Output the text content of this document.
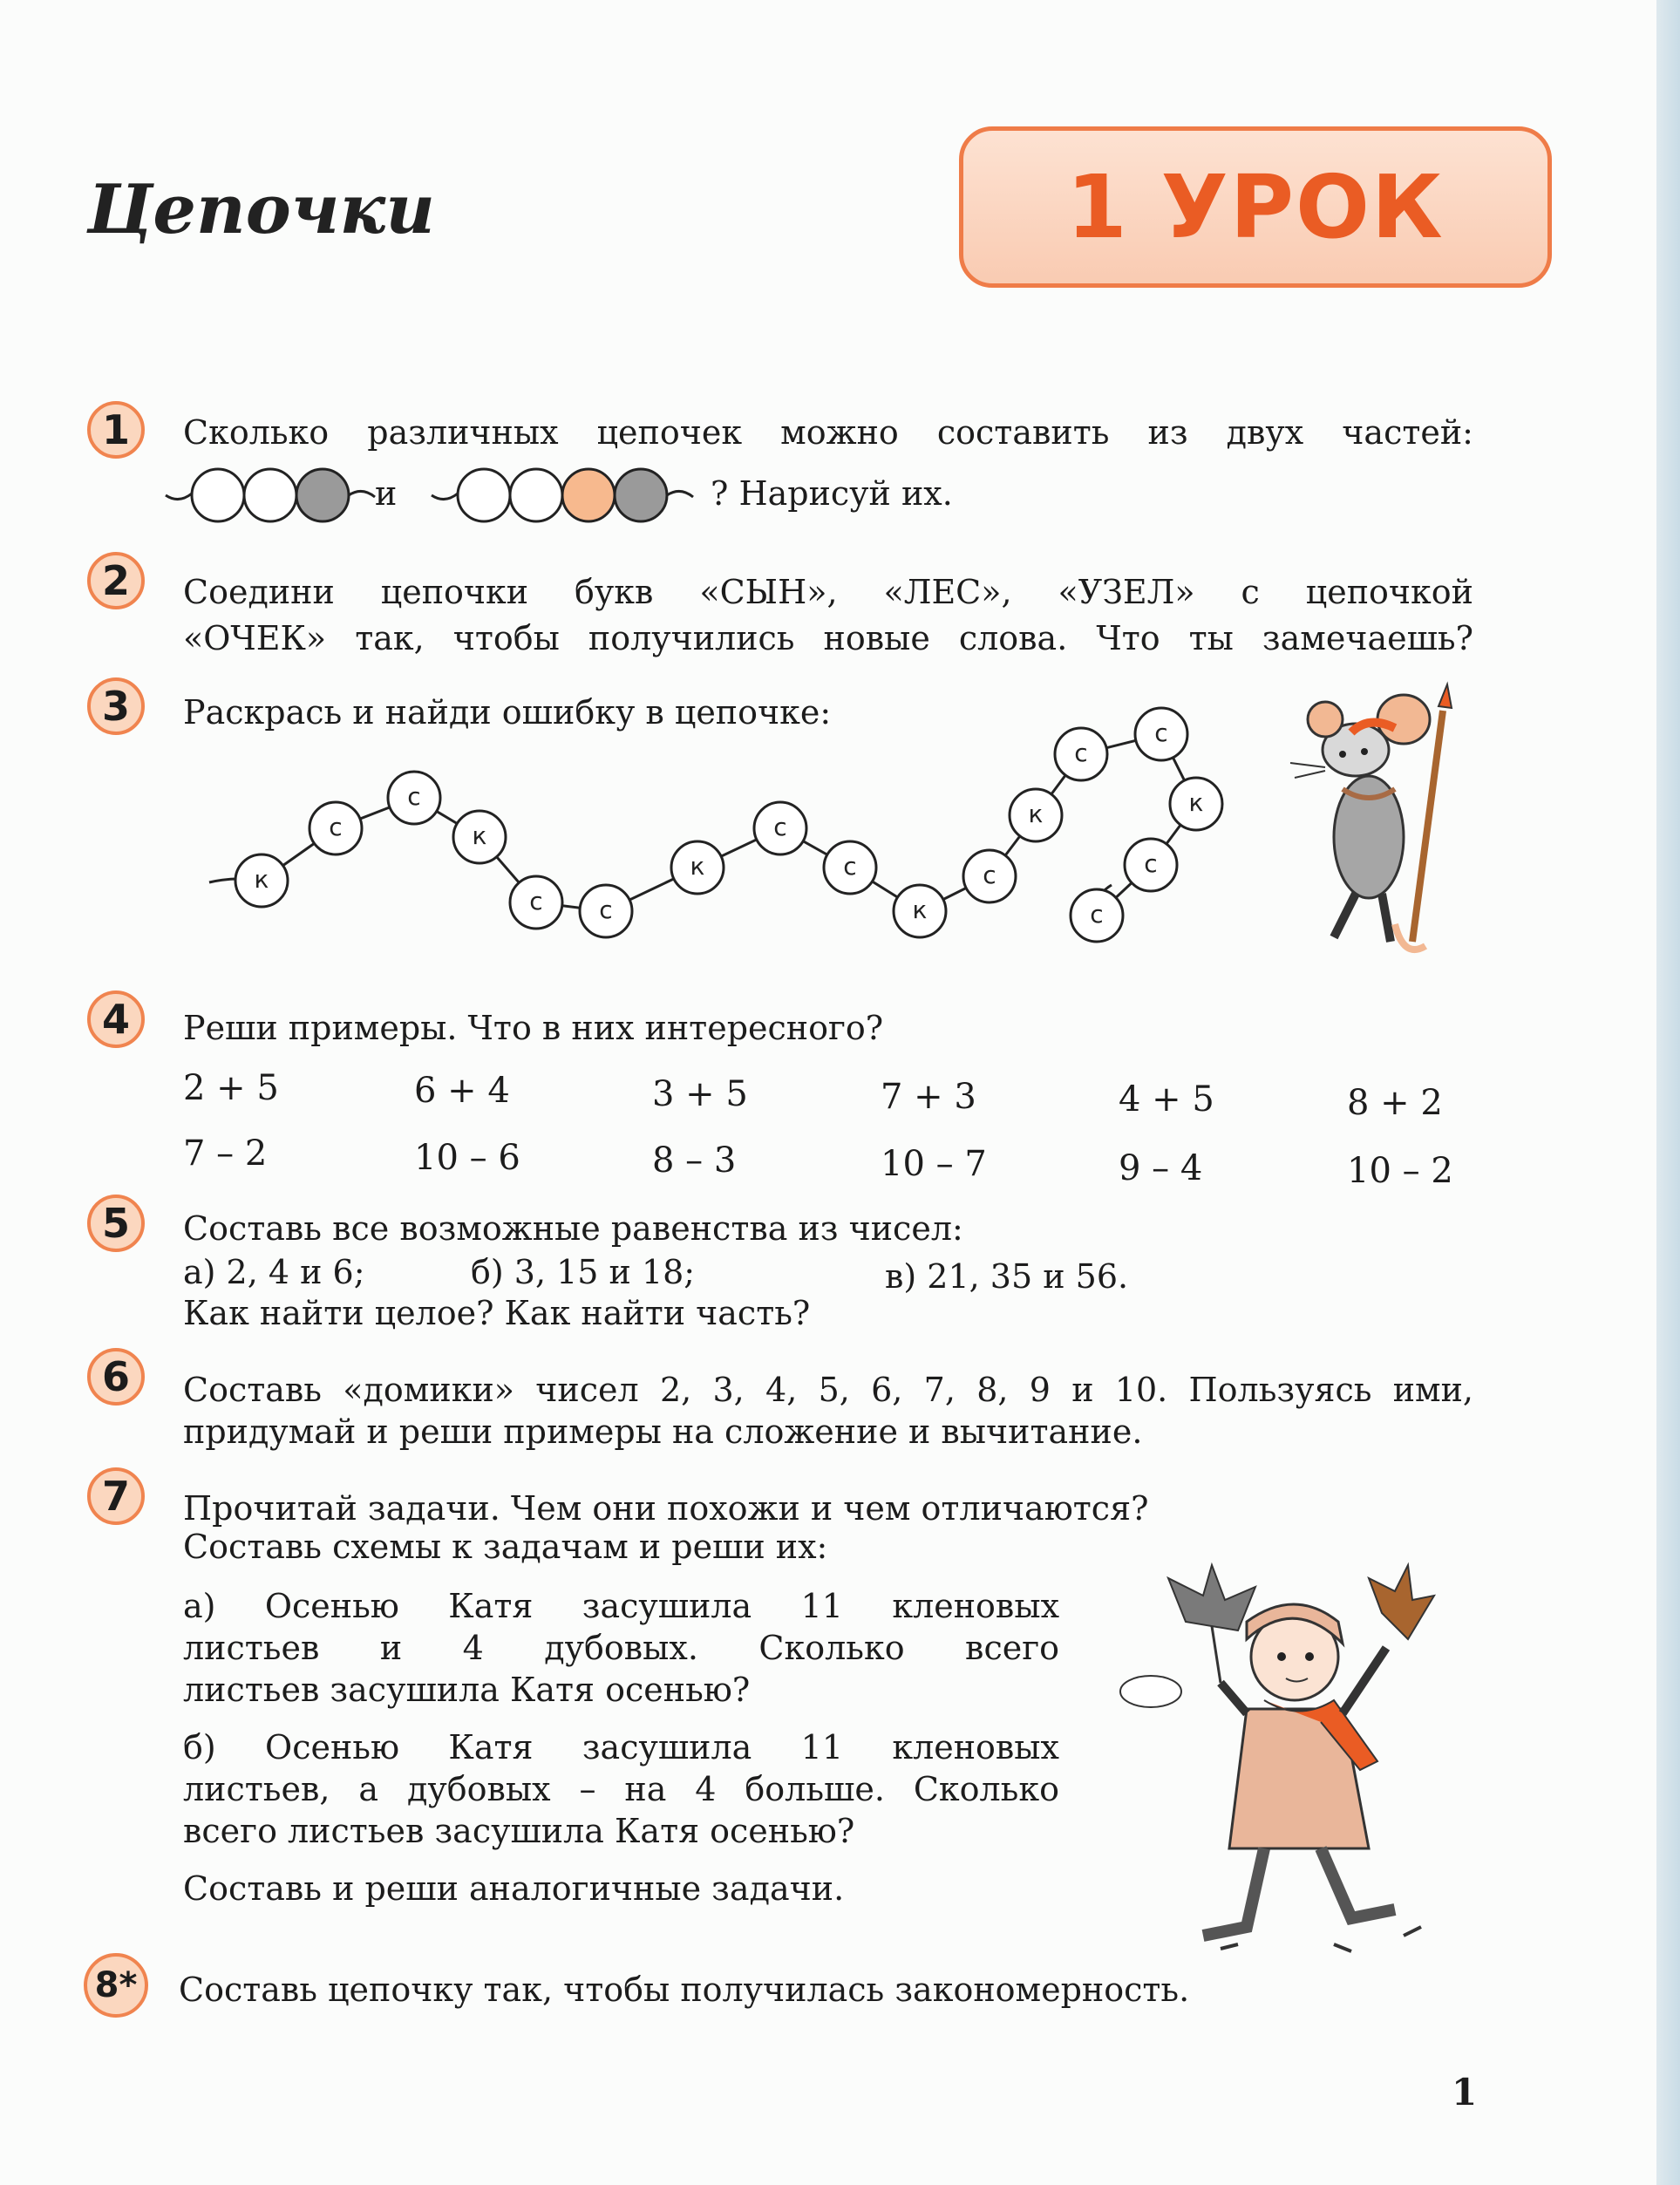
Цепочки	1 УРОК
1	Сколько различных цепочек можно составить из двух частей:
и	? Нарисуй их.
2	Соедини цепочки букв «СЫН», «ЛЕС», «УЗЕЛ» с цепочкой
«ОЧЕК» так, чтобы получились новые слова. Что ты замечаешь?
3	Раскрась и найди ошибку в цепочке:
к
с
с
к
с с
к
с
с
к
с
к
с
с
к
с
с
4	Реши примеры. Что в них интересного?
2 + 5	6 + 4	3 + 5	7 + 3	4 + 5	8 + 2
7 – 2	10 – 6	8 – 3	10 – 7	9 – 4	10 – 2
5	Составь все возможные равенства из чисел:
а) 2, 4 и 6;	б) 3, 15 и 18;	в) 21, 35 и 56.
Как найти целое? Как найти часть?
6	Составь «домики» чисел 2, 3, 4, 5, 6, 7, 8, 9 и 10. Пользуясь ими,
придумай и реши примеры на сложение и вычитание.
7	Прочитай задачи. Чем они похожи и чем отличаются?
Составь схемы к задачам и реши их:
а) Осенью Катя засушила 11 кленовых
листьев и 4 дубовых. Сколько всего
листьев засушила Катя осенью?
б) Осенью Катя засушила 11 кленовых
листьев, а дубовых – на 4 больше. Сколько
всего листьев засушила Катя осенью?
Составь и реши аналогичные задачи.
8*	Составь цепочку так, чтобы получилась закономерность.
1
